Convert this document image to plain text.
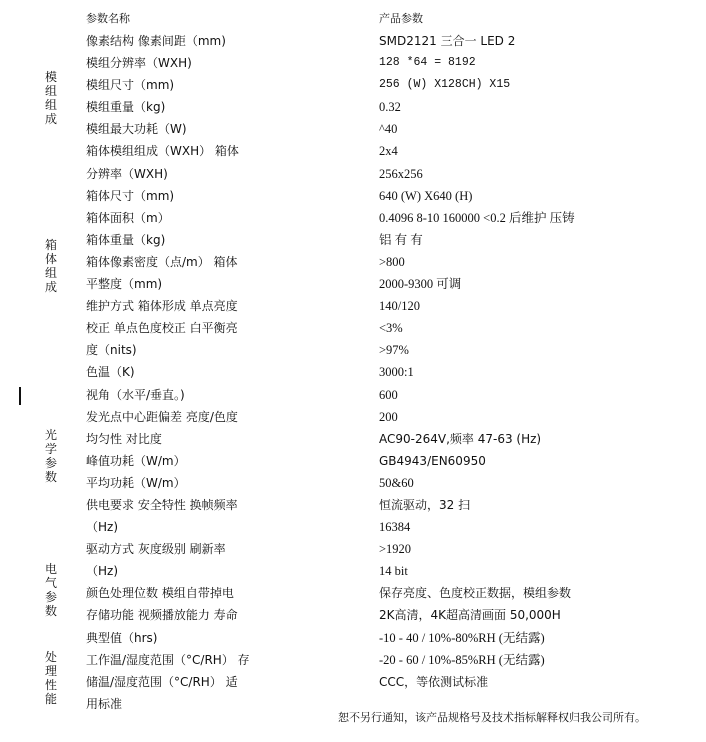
参数名称	产品参数
模
组
组
成
箱
体
组
成
光
学
参
数
电
气
参
数
处
理
性
能
像素结构 像素间距（mm)
模组分辨率（WXH)
模组尺寸（mm)
模组重量（kg)
模组最大功耗（W)
箱体模组组成（WXH） 箱体
分辨率（WXH)
箱体尺寸（mm)
箱体面积（m）
箱体重量（kg)
箱体像素密度（点/m） 箱体
平整度（mm)
维护方式 箱体形成 单点亮度
校正 单点色度校正 白平衡亮
度（nits)
色温（K)
视角（水平/垂直。)
发光点中心距偏差 亮度/色度
均匀性 对比度
峰值功耗（W/m）
平均功耗（W/m）
供电要求 安全特性 换帧频率
（Hz)
驱动方式 灰度级别 刷新率
（Hz)
颜色处理位数 模组自带掉电
存储功能 视频播放能力 寿命
典型值（hrs)
工作温/湿度范围（°C/RH） 存
储温/湿度范围（°C/RH） 适
用标准
SMD2121 三合一 LED 2
128 *64 = 8192
256 (W) X128CH) X15
0.32
^40
2x4
256x256
640 (W) X640 (H)
0.4096 8-10 160000 <0.2 后维护 压铸
铝 有 有
>800
2000-9300 可调
140/120
<3%
>97%
3000:1
600
200
AC90-264V,频率 47-63 (Hz)
GB4943/EN60950
50&60
恒流驱动，32 扫
16384
>1920
14 bit
保存亮度、色度校正数据，模组参数
2K高清，4K超高清画面 50,000H
-10 - 40 / 10%-80%RH (无结露)
-20 - 60 / 10%-85%RH (无结露)
CCC，等依测试标准
恕不另行通知，该产品规格号及技术指标解释权归我公司所有。
